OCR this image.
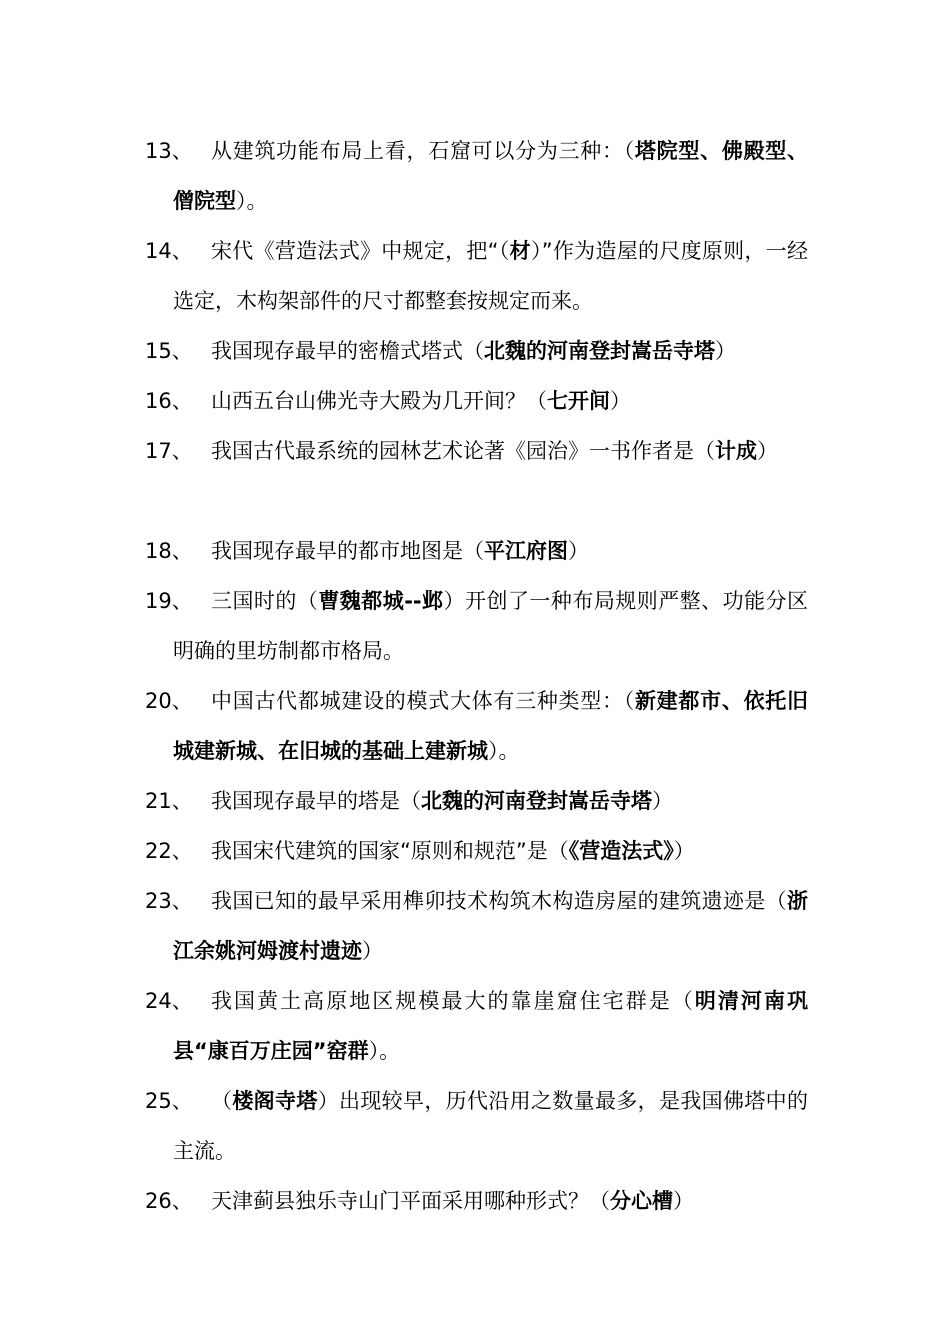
13、 从建筑功能布局上看，石窟可以分为三种：（塔院型、佛殿型、僧院型）。
14、 宋代《营造法式》中规定，把“（材）”作为造屋的尺度原则，一经选定，木构架部件的尺寸都整套按规定而来。
15、 我国现存最早的密檐式塔式（北魏的河南登封嵩岳寺塔）
16、 山西五台山佛光寺大殿为几开间？（七开间）
17、 我国古代最系统的园林艺术论著《园治》一书作者是（计成）
18、 我国现存最早的都市地图是（平江府图）
19、 三国时的（曹魏都城--邺）开创了一种布局规则严整、功能分区明确的里坊制都市格局。
20、 中国古代都城建设的模式大体有三种类型：（新建都市、依托旧城建新城、在旧城的基础上建新城）。
21、 我国现存最早的塔是（北魏的河南登封嵩岳寺塔）
22、 我国宋代建筑的国家“原则和规范”是（《营造法式》）
23、 我国已知的最早采用榫卯技术构筑木构造房屋的建筑遗迹是（浙江余姚河姆渡村遗迹）
24、 我国黄土高原地区规模最大的靠崖窟住宅群是（明清河南巩县“康百万庄园”窑群）。
25、 （楼阁寺塔）出现较早，历代沿用之数量最多，是我国佛塔中的主流。
26、 天津蓟县独乐寺山门平面采用哪种形式？（分心槽）
